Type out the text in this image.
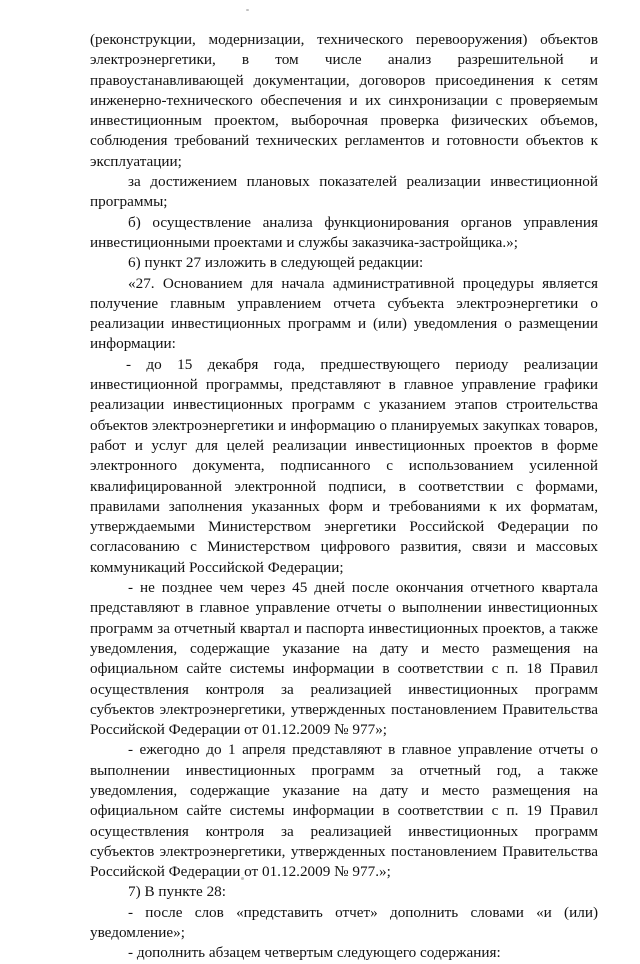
(реконструкции, модернизации, технического перевооружения) объектов электроэнергетики, в том числе анализ разрешительной и правоустанавливающей документации, договоров присоединения к сетям инженерно-технического обеспечения и их синхронизации с проверяемым инвестиционным проектом, выборочная проверка физических объемов, соблюдения требований технических регламентов и готовности объектов к эксплуатации;

за достижением плановых показателей реализации инвестиционной программы;

б) осуществление анализа функционирования органов управления инвестиционными проектами и службы заказчика-застройщика.»;

6) пункт 27 изложить в следующей редакции:

«27. Основанием для начала административной процедуры является получение главным управлением отчета субъекта электроэнергетики о реализации инвестиционных программ и (или) уведомления о размещении информации:

- до 15 декабря года, предшествующего периоду реализации инвестиционной программы, представляют в главное управление графики реализации инвестиционных программ с указанием этапов строительства объектов электроэнергетики и информацию о планируемых закупках товаров, работ и услуг для целей реализации инвестиционных проектов в форме электронного документа, подписанного с использованием усиленной квалифицированной электронной подписи, в соответствии с формами, правилами заполнения указанных форм и требованиями к их форматам, утверждаемыми Министерством энергетики Российской Федерации по согласованию с Министерством цифрового развития, связи и массовых коммуникаций Российской Федерации;

- не позднее чем через 45 дней после окончания отчетного квартала представляют в главное управление отчеты о выполнении инвестиционных программ за отчетный квартал и паспорта инвестиционных проектов, а также уведомления, содержащие указание на дату и место размещения на официальном сайте системы информации в соответствии с п. 18 Правил осуществления контроля за реализацией инвестиционных программ субъектов электроэнергетики, утвержденных постановлением Правительства Российской Федерации от 01.12.2009 № 977»;

- ежегодно до 1 апреля представляют в главное управление отчеты о выполнении инвестиционных программ за отчетный год, а также уведомления, содержащие указание на дату и место размещения на официальном сайте системы информации в соответствии с п. 19 Правил осуществления контроля за реализацией инвестиционных программ субъектов электроэнергетики, утвержденных постановлением Правительства Российской Федерации от 01.12.2009 № 977.»;

7) В пункте 28:

- после слов «представить отчет» дополнить словами «и (или) уведомление»;

- дополнить абзацем четвертым следующего содержания:
